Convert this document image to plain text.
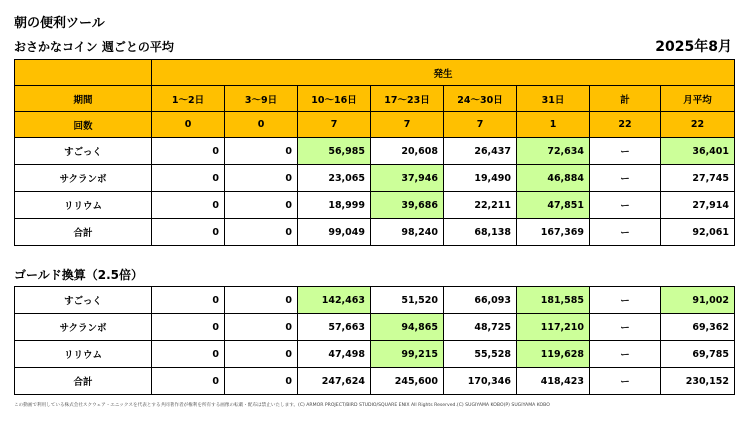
朝の便利ツール
おさかなコイン 週ごとの平均	2025年8月
	発生							
期間	1～2日	3～9日	10～16日	17～23日	24～30日	31日	計	月平均
回数	0	0	7	7	7	1	22	22
すごっく	0	0	56,985	20,608	26,437	72,634	ー	36,401
サクランボ	0	0	23,065	37,946	19,490	46,884	ー	27,745
リリウム	0	0	18,999	39,686	22,211	47,851	ー	27,914
合計	0	0	99,049	98,240	68,138	167,369	ー	92,061
ゴールド換算（2.5倍）
すごっく	0	0	142,463	51,520	66,093	181,585	ー	91,002
サクランボ	0	0	57,663	94,865	48,725	117,210	ー	69,362
リリウム	0	0	47,498	99,215	55,528	119,628	ー	69,785
合計	0	0	247,624	245,600	170,346	418,423	ー	230,152
この動画で利用している株式会社スクウェア・エニックスを代表とする共同著作者が権利を所有する画像の転載・配布は禁止いたします。(C) ARMOR PROJECT/BIRD STUDIO/SQUARE ENIX All Rights Reserved.(C) SUGIYAMA KOBO(P) SUGIYAMA KOBO
